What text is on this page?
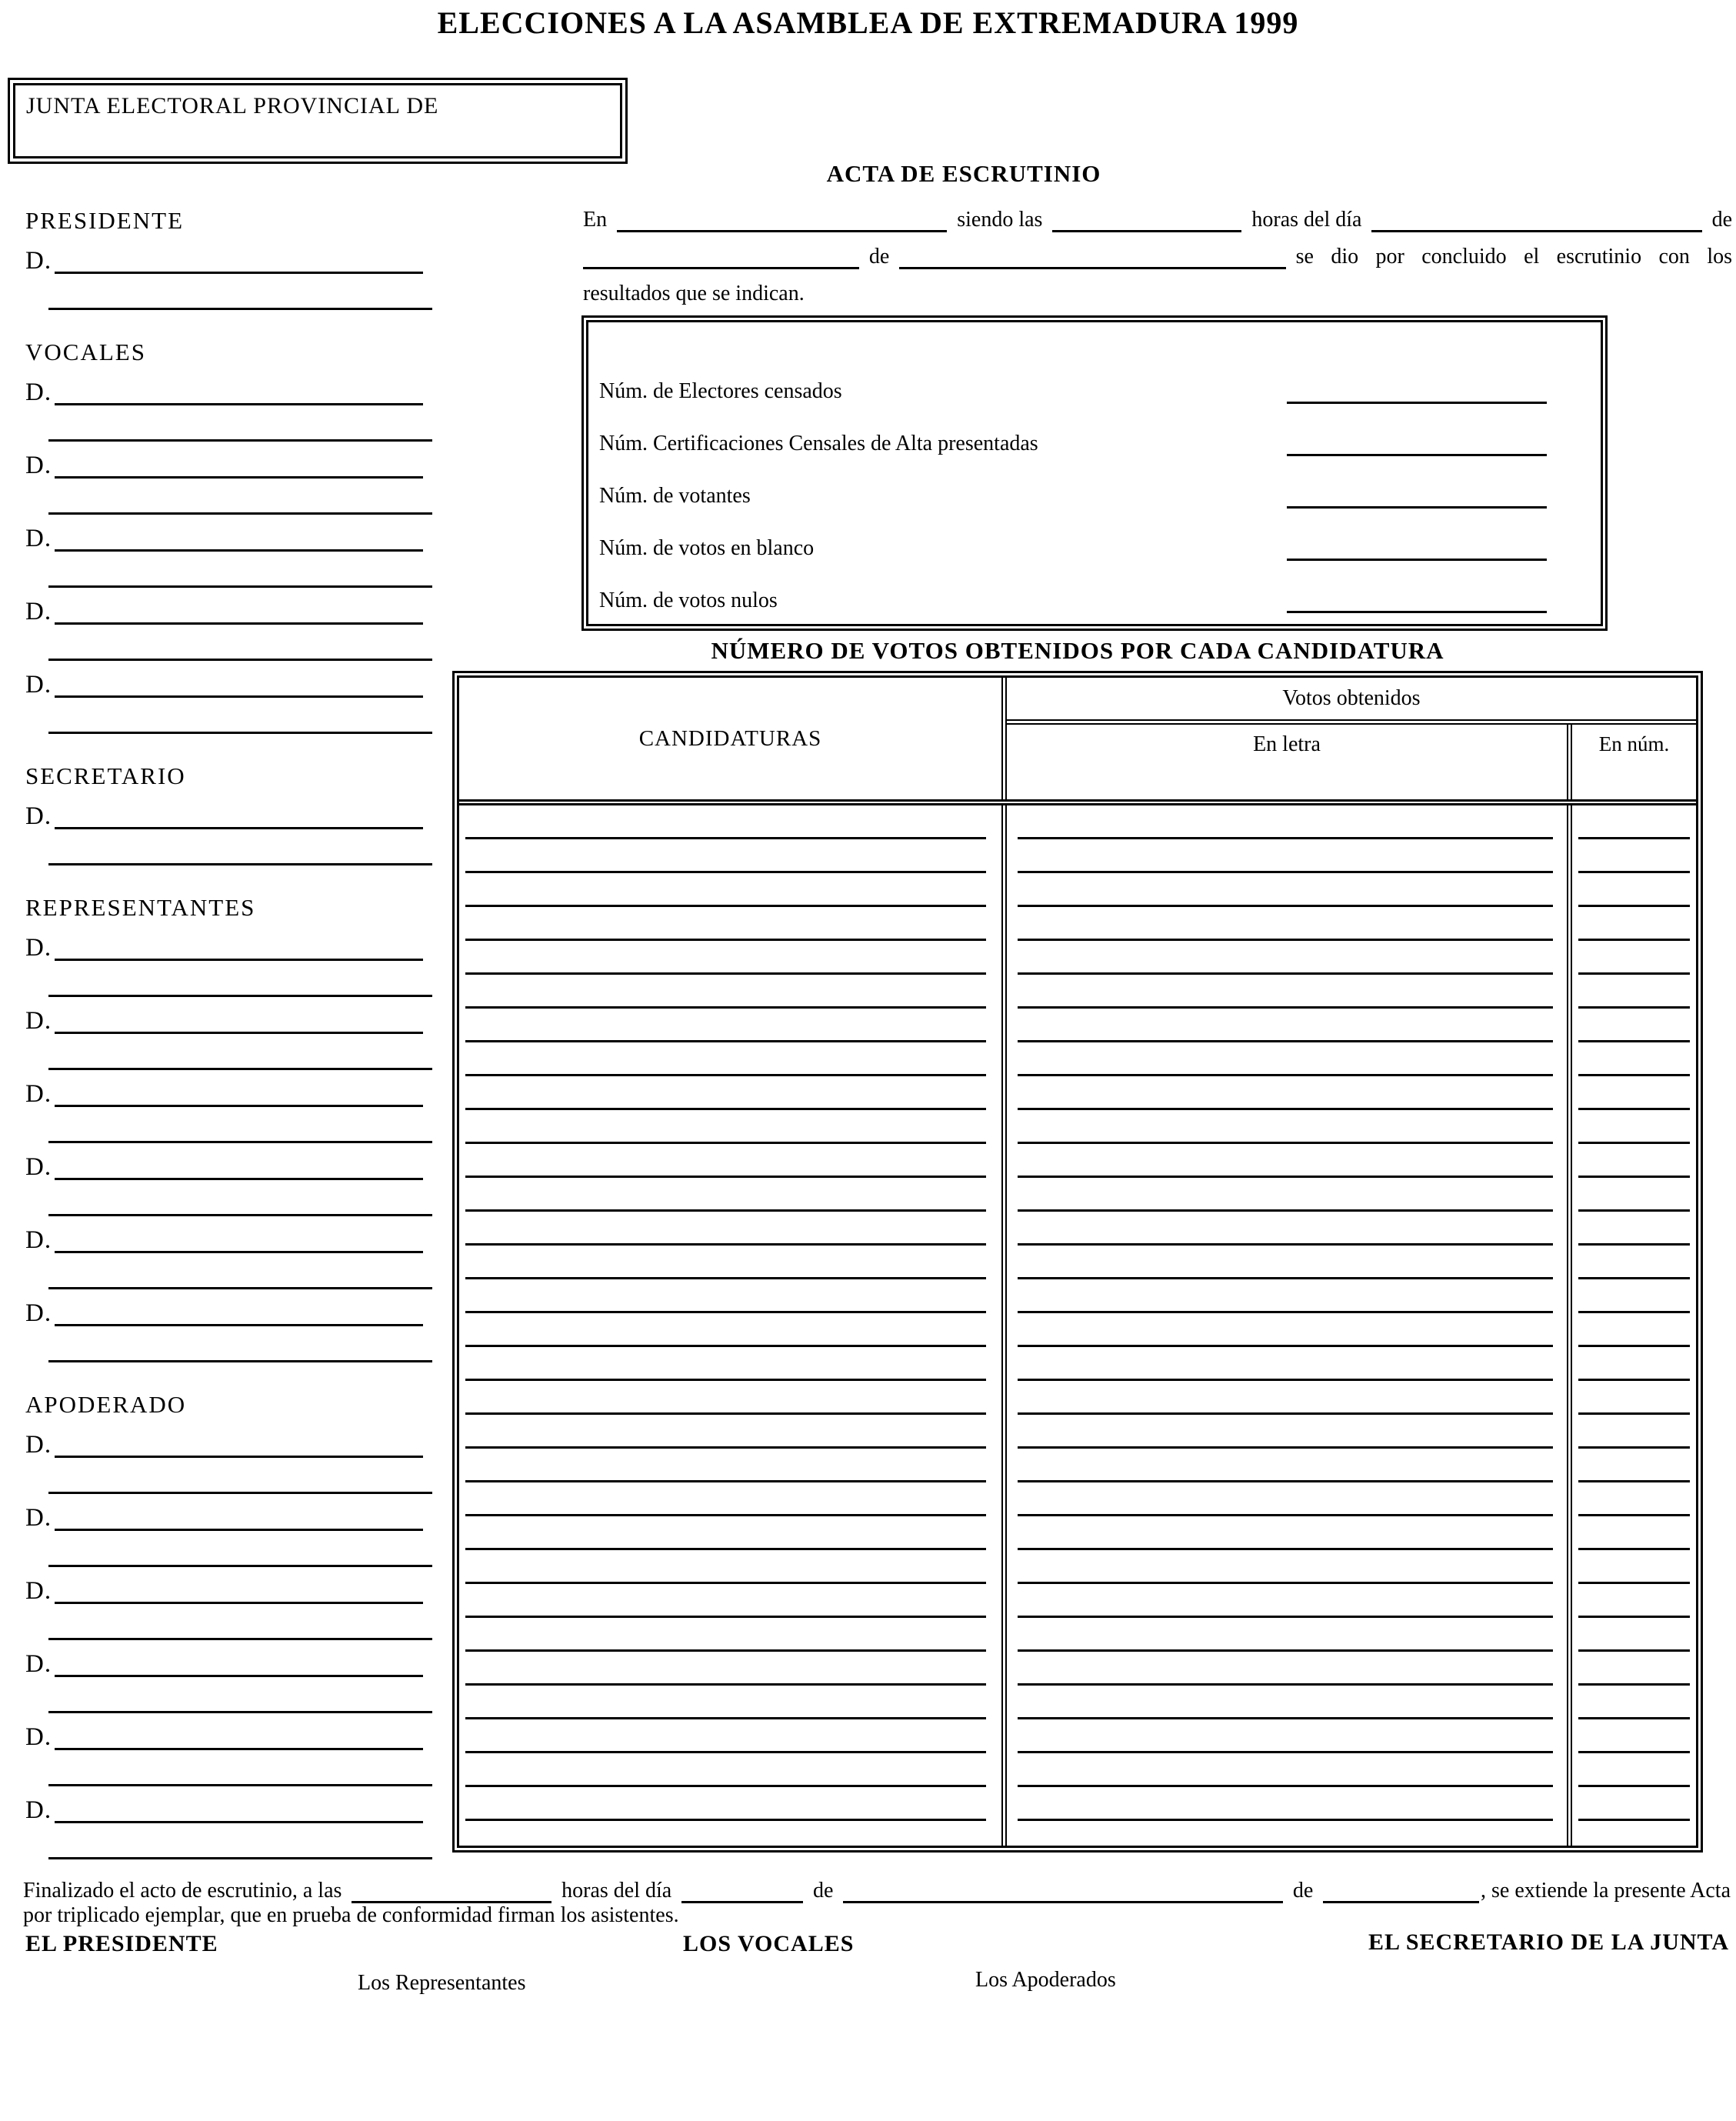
ELECCIONES A LA ASAMBLEA DE EXTREMADURA 1999
JUNTA ELECTORAL PROVINCIAL DE
PRESIDENTE
D.
VOCALES
D.
D.
D.
D.
D.
SECRETARIO
D.
REPRESENTANTES
D.
D.
D.
D.
D.
D.
APODERADO
D.
D.
D.
D.
D.
D.
ACTA DE ESCRUTINIO
En	siendo las	horas del día	de
de	se dio por concluido el escrutinio con los
resultados que se indican.
Núm. de Electores censados
Núm. Certificaciones Censales de Alta presentadas
Núm. de votantes
Núm. de votos en blanco
Núm. de votos nulos
NÚMERO DE VOTOS OBTENIDOS POR CADA CANDIDATURA
CANDIDATURAS
Votos obtenidos
En letra	En núm.
Finalizado el acto de escrutinio, a las	horas del día	de	de	, se extiende la presente Acta
por triplicado ejemplar, que en prueba de conformidad firman los asistentes.
EL PRESIDENTE	LOS VOCALES	EL SECRETARIO DE LA JUNTA
Los Representantes	Los Apoderados
